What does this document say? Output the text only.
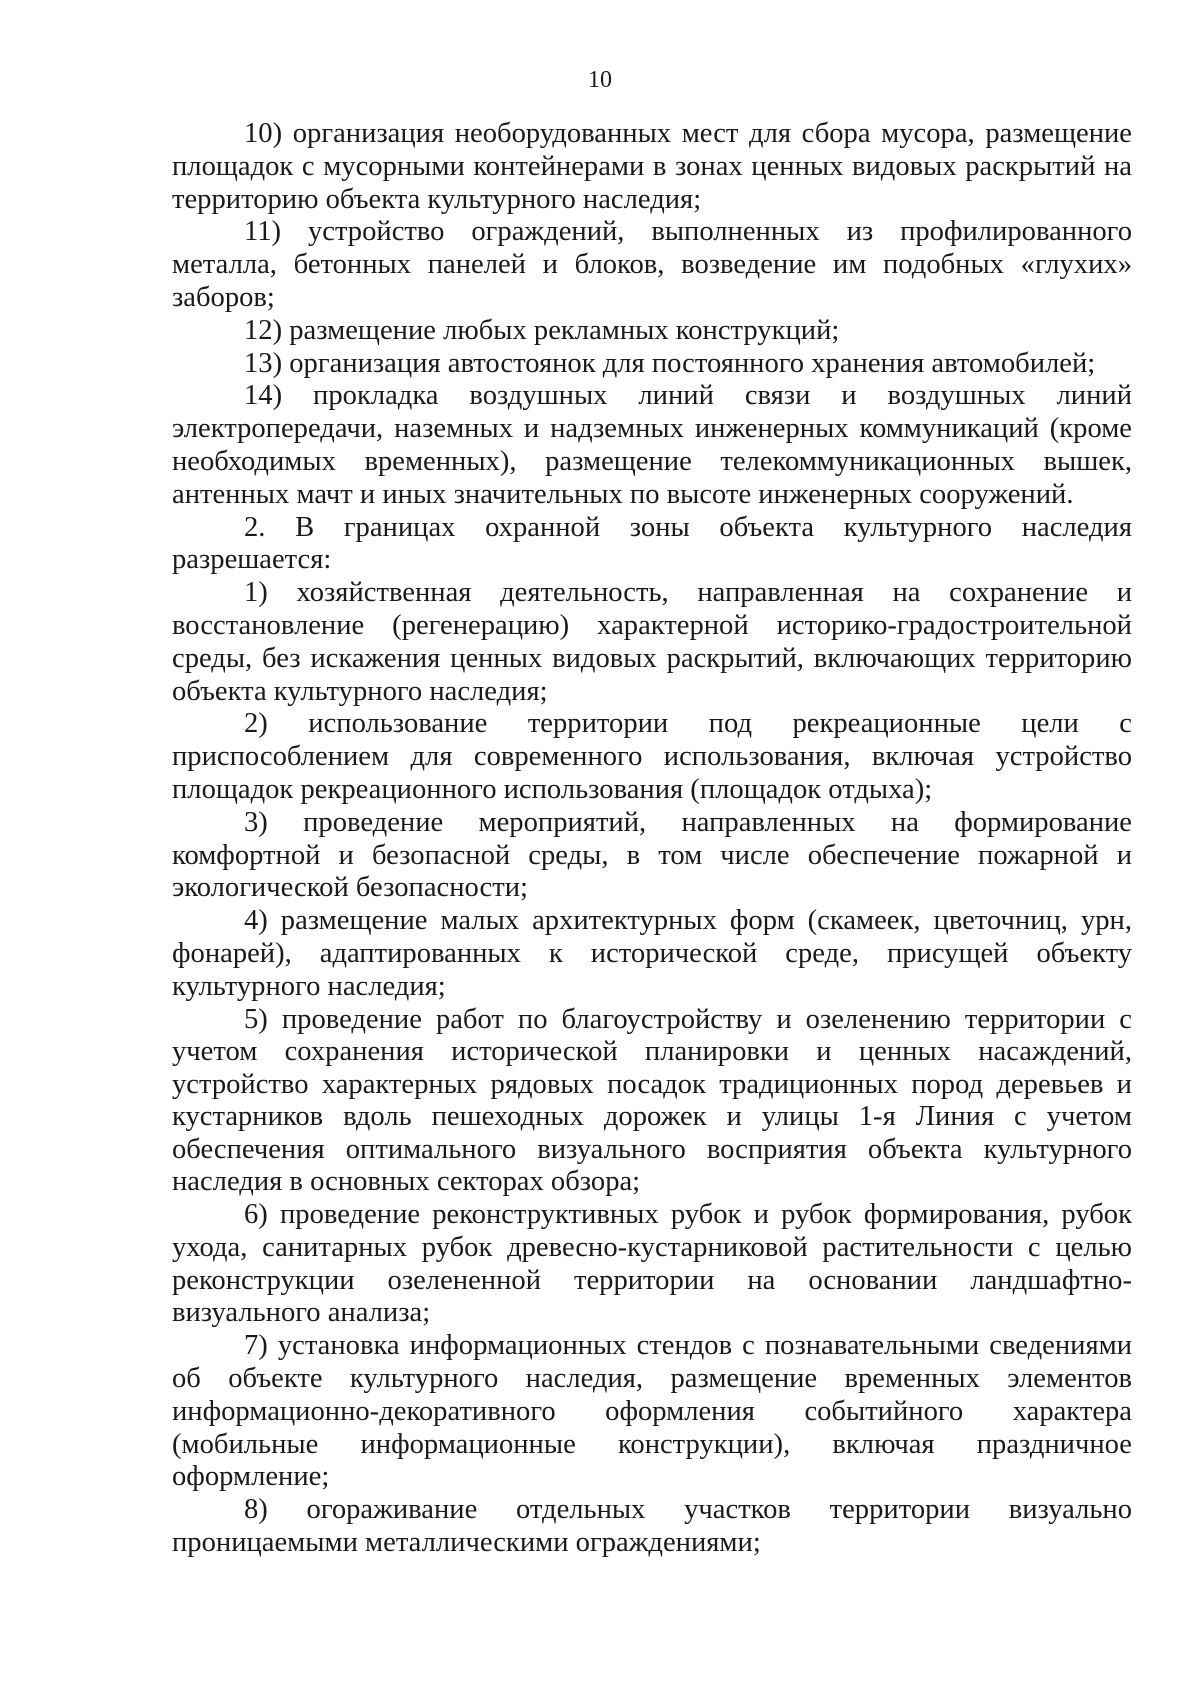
10

10) организация необорудованных мест для сбора мусора, размещение площадок с мусорными контейнерами в зонах ценных видовых раскрытий на территорию объекта культурного наследия;

11) устройство ограждений, выполненных из профилированного металла, бетонных панелей и блоков, возведение им подобных «глухих» заборов;

12) размещение любых рекламных конструкций;

13) организация автостоянок для постоянного хранения автомобилей;

14) прокладка воздушных линий связи и воздушных линий электропередачи, наземных и надземных инженерных коммуникаций (кроме необходимых временных), размещение телекоммуникационных вышек, антенных мачт и иных значительных по высоте инженерных сооружений.

2. В границах охранной зоны объекта культурного наследия разрешается:

1) хозяйственная деятельность, направленная на сохранение и восстановление (регенерацию) характерной историко-градостроительной среды, без искажения ценных видовых раскрытий, включающих территорию объекта культурного наследия;

2) использование территории под рекреационные цели с приспособлением для современного использования, включая устройство площадок рекреационного использования (площадок отдыха);

3) проведение мероприятий, направленных на формирование комфортной и безопасной среды, в том числе обеспечение пожарной и экологической безопасности;

4) размещение малых архитектурных форм (скамеек, цветочниц, урн, фонарей), адаптированных к исторической среде, присущей объекту культурного наследия;

5) проведение работ по благоустройству и озеленению территории с учетом сохранения исторической планировки и ценных насаждений, устройство характерных рядовых посадок традиционных пород деревьев и кустарников вдоль пешеходных дорожек и улицы 1-я Линия с учетом обеспечения оптимального визуального восприятия объекта культурного наследия в основных секторах обзора;

6) проведение реконструктивных рубок и рубок формирования, рубок ухода, санитарных рубок древесно-кустарниковой растительности с целью реконструкции озелененной территории на основании ландшафтно-визуального анализа;

7) установка информационных стендов с познавательными сведениями об объекте культурного наследия, размещение временных элементов информационно-декоративного оформления событийного характера (мобильные информационные конструкции), включая праздничное оформление;

8) огораживание отдельных участков территории визуально проницаемыми металлическими ограждениями;
